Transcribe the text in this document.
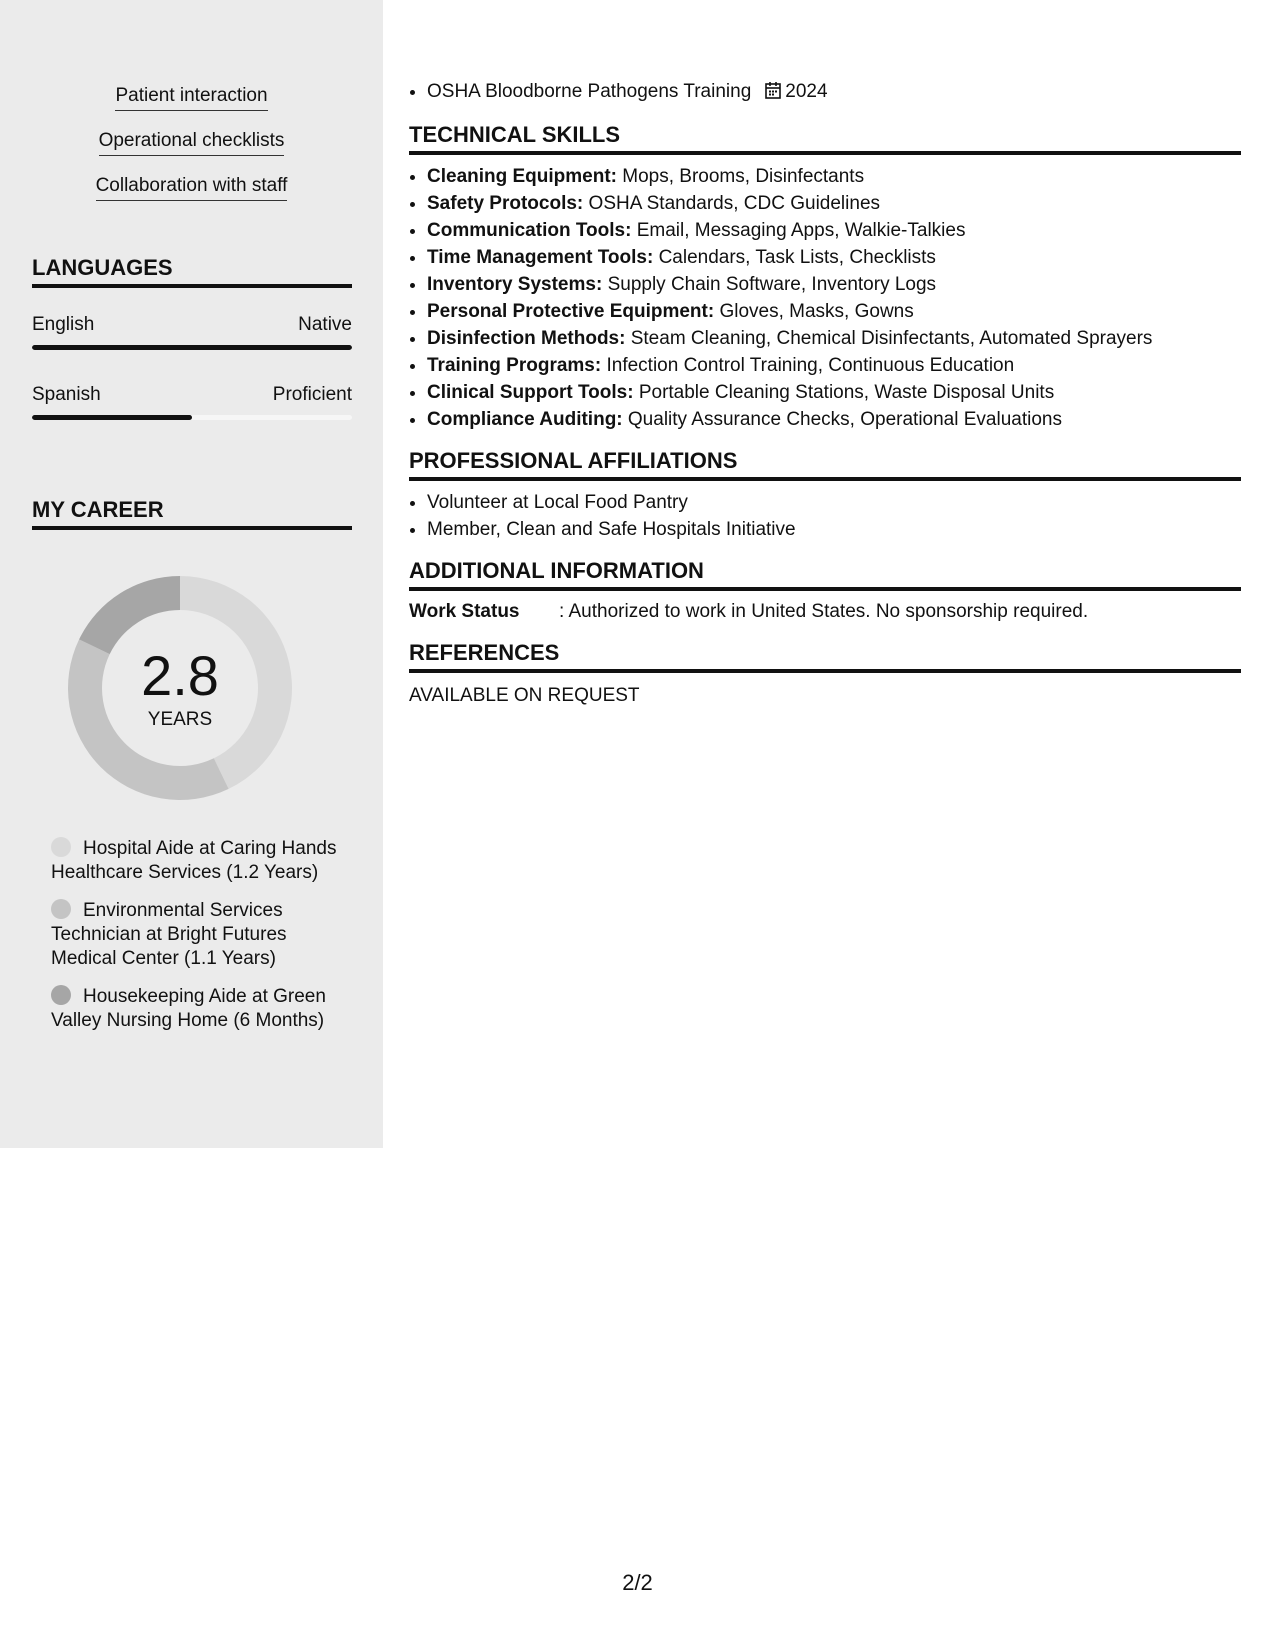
Patient interaction
Operational checklists
Collaboration with staff
LANGUAGES
English	Native
Spanish	Proficient
MY CAREER
2.8
YEARS
Hospital Aide at Caring Hands Healthcare Services (1.2 Years)
Environmental Services Technician at Bright Futures Medical Center (1.1 Years)
Housekeeping Aide at Green Valley Nursing Home (6 Months)
• OSHA Bloodborne Pathogens Training 2024
TECHNICAL SKILLS
• Cleaning Equipment: Mops, Brooms, Disinfectants
• Safety Protocols: OSHA Standards, CDC Guidelines
• Communication Tools: Email, Messaging Apps, Walkie-Talkies
• Time Management Tools: Calendars, Task Lists, Checklists
• Inventory Systems: Supply Chain Software, Inventory Logs
• Personal Protective Equipment: Gloves, Masks, Gowns
• Disinfection Methods: Steam Cleaning, Chemical Disinfectants, Automated Sprayers
• Training Programs: Infection Control Training, Continuous Education
• Clinical Support Tools: Portable Cleaning Stations, Waste Disposal Units
• Compliance Auditing: Quality Assurance Checks, Operational Evaluations
PROFESSIONAL AFFILIATIONS
• Volunteer at Local Food Pantry
• Member, Clean and Safe Hospitals Initiative
ADDITIONAL INFORMATION
Work Status : Authorized to work in United States. No sponsorship required.
REFERENCES
AVAILABLE ON REQUEST
2/2
